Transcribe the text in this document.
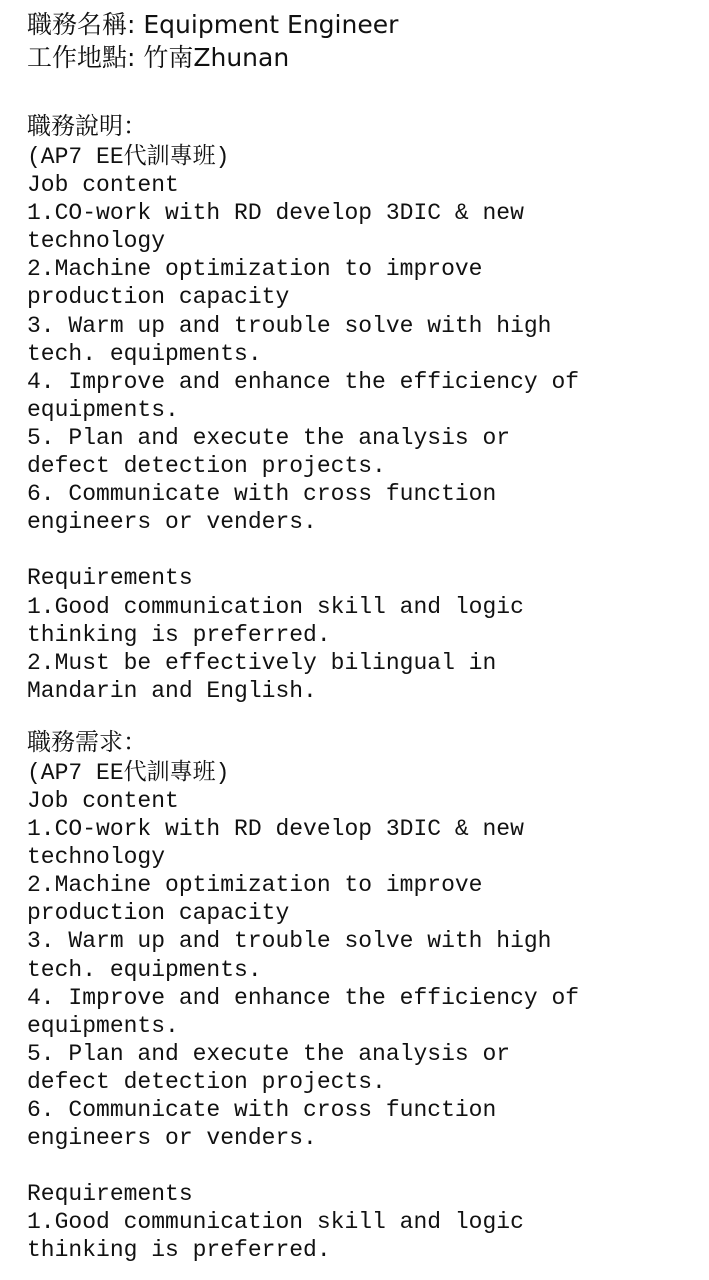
職務名稱: Equipment Engineer
工作地點: 竹南Zhunan
職務說明：
(AP7 EE代訓專班)
Job content
1.CO-work with RD develop 3DIC & new
technology
2.Machine optimization to improve
production capacity
3. Warm up and trouble solve with high
tech. equipments.
4. Improve and enhance the efficiency of
equipments.
5. Plan and execute the analysis or
defect detection projects.
6. Communicate with cross function
engineers or venders.
Requirements
1.Good communication skill and logic
thinking is preferred.
2.Must be effectively bilingual in
Mandarin and English.
職務需求：
(AP7 EE代訓專班)
Job content
1.CO-work with RD develop 3DIC & new
technology
2.Machine optimization to improve
production capacity
3. Warm up and trouble solve with high
tech. equipments.
4. Improve and enhance the efficiency of
equipments.
5. Plan and execute the analysis or
defect detection projects.
6. Communicate with cross function
engineers or venders.
Requirements
1.Good communication skill and logic
thinking is preferred.
